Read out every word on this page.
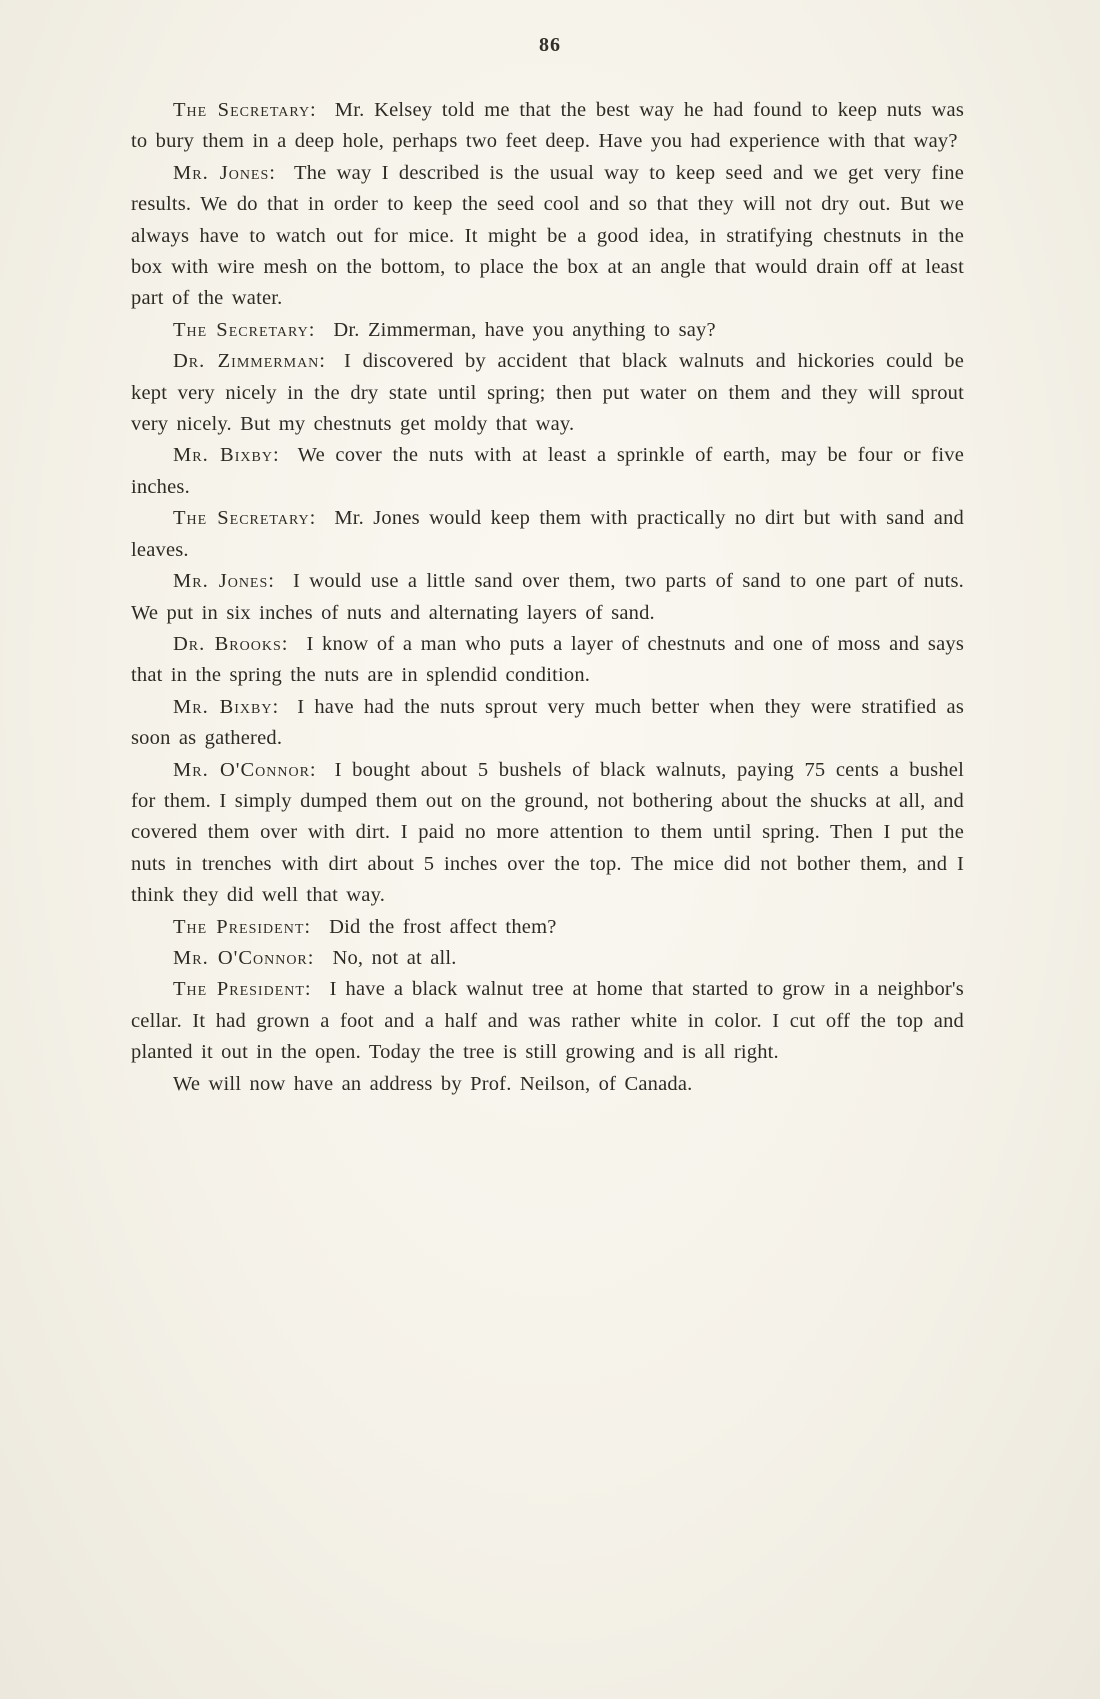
86

The Secretary: Mr. Kelsey told me that the best way he had found to keep nuts was to bury them in a deep hole, perhaps two feet deep. Have you had experience with that way?

Mr. Jones: The way I described is the usual way to keep seed and we get very fine results. We do that in order to keep the seed cool and so that they will not dry out. But we always have to watch out for mice. It might be a good idea, in stratifying chestnuts in the box with wire mesh on the bottom, to place the box at an angle that would drain off at least part of the water.

The Secretary: Dr. Zimmerman, have you anything to say?

Dr. Zimmerman: I discovered by accident that black walnuts and hickories could be kept very nicely in the dry state until spring; then put water on them and they will sprout very nicely. But my chestnuts get moldy that way.

Mr. Bixby: We cover the nuts with at least a sprinkle of earth, may be four or five inches.

The Secretary: Mr. Jones would keep them with practically no dirt but with sand and leaves.

Mr. Jones: I would use a little sand over them, two parts of sand to one part of nuts. We put in six inches of nuts and alternating layers of sand.

Dr. Brooks: I know of a man who puts a layer of chestnuts and one of moss and says that in the spring the nuts are in splendid condition.

Mr. Bixby: I have had the nuts sprout very much better when they were stratified as soon as gathered.

Mr. O'Connor: I bought about 5 bushels of black walnuts, paying 75 cents a bushel for them. I simply dumped them out on the ground, not bothering about the shucks at all, and covered them over with dirt. I paid no more attention to them until spring. Then I put the nuts in trenches with dirt about 5 inches over the top. The mice did not bother them, and I think they did well that way.

The President: Did the frost affect them?

Mr. O'Connor: No, not at all.

The President: I have a black walnut tree at home that started to grow in a neighbor's cellar. It had grown a foot and a half and was rather white in color. I cut off the top and planted it out in the open. Today the tree is still growing and is all right.

We will now have an address by Prof. Neilson, of Canada.
